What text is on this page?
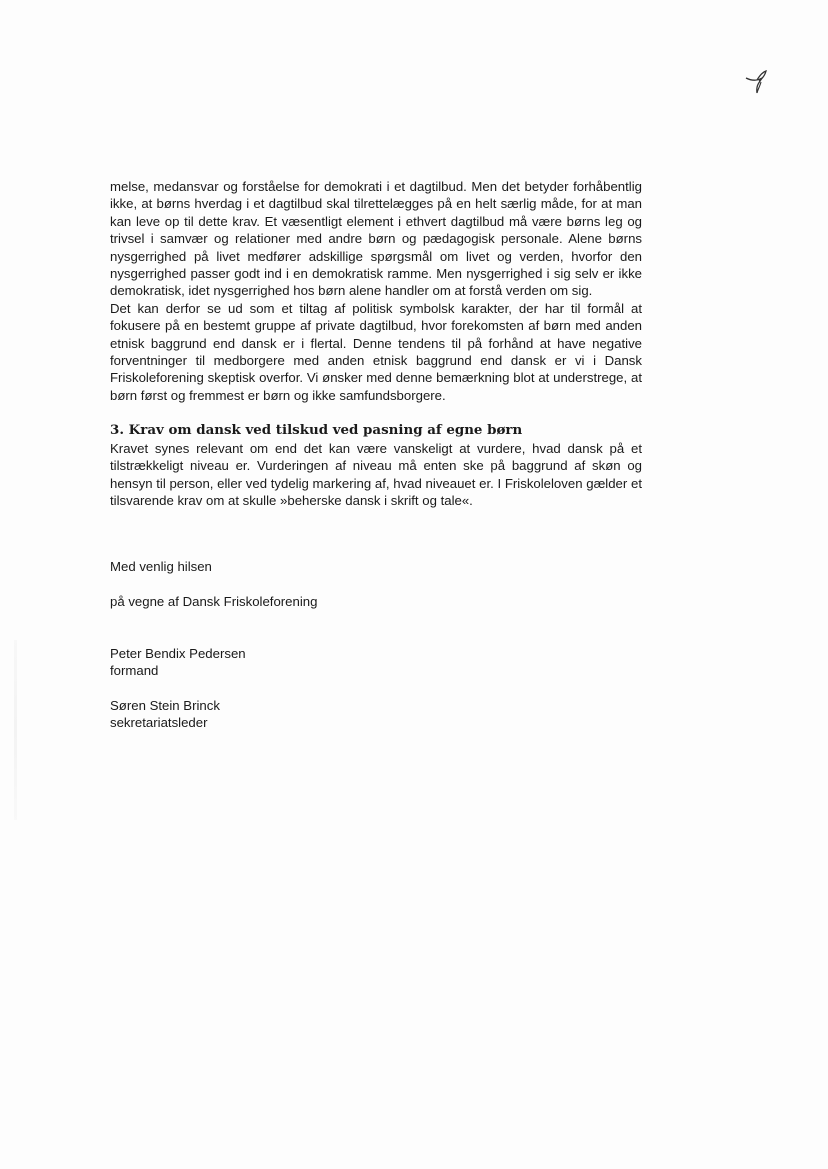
melse, medansvar og forståelse for demokrati i et dagtilbud. Men det betyder forhåbentlig ikke, at børns hverdag i et dagtilbud skal tilrettelægges på en helt særlig måde, for at man kan leve op til dette krav. Et væsentligt element i ethvert dagtilbud må være børns leg og trivsel i samvær og relationer med andre børn og pædagogisk personale. Alene børns nysgerrighed på livet medfører adskillige spørgsmål om livet og verden, hvorfor den nysgerrighed passer godt ind i en demokratisk ramme. Men nysgerrighed i sig selv er ikke demokratisk, idet nysgerrighed hos børn alene handler om at forstå verden om sig.

Det kan derfor se ud som et tiltag af politisk symbolsk karakter, der har til formål at fokusere på en bestemt gruppe af private dagtilbud, hvor forekomsten af børn med anden etnisk baggrund end dansk er i flertal. Denne tendens til på forhånd at have negative forventninger til medborgere med anden etnisk baggrund end dansk er vi i Dansk Friskoleforening skeptisk overfor. Vi ønsker med denne bemærkning blot at understrege, at børn først og fremmest er børn og ikke samfundsborgere.

3. Krav om dansk ved tilskud ved pasning af egne børn

Kravet synes relevant om end det kan være vanskeligt at vurdere, hvad dansk på et tilstrækkeligt niveau er. Vurderingen af niveau må enten ske på baggrund af skøn og hensyn til person, eller ved tydelig markering af, hvad niveauet er. I Friskoleloven gælder et tilsvarende krav om at skulle »beherske dansk i skrift og tale«.

Med venlig hilsen
på vegne af Dansk Friskoleforening
Peter Bendix Pedersen
formand
Søren Stein Brinck
sekretariatsleder
